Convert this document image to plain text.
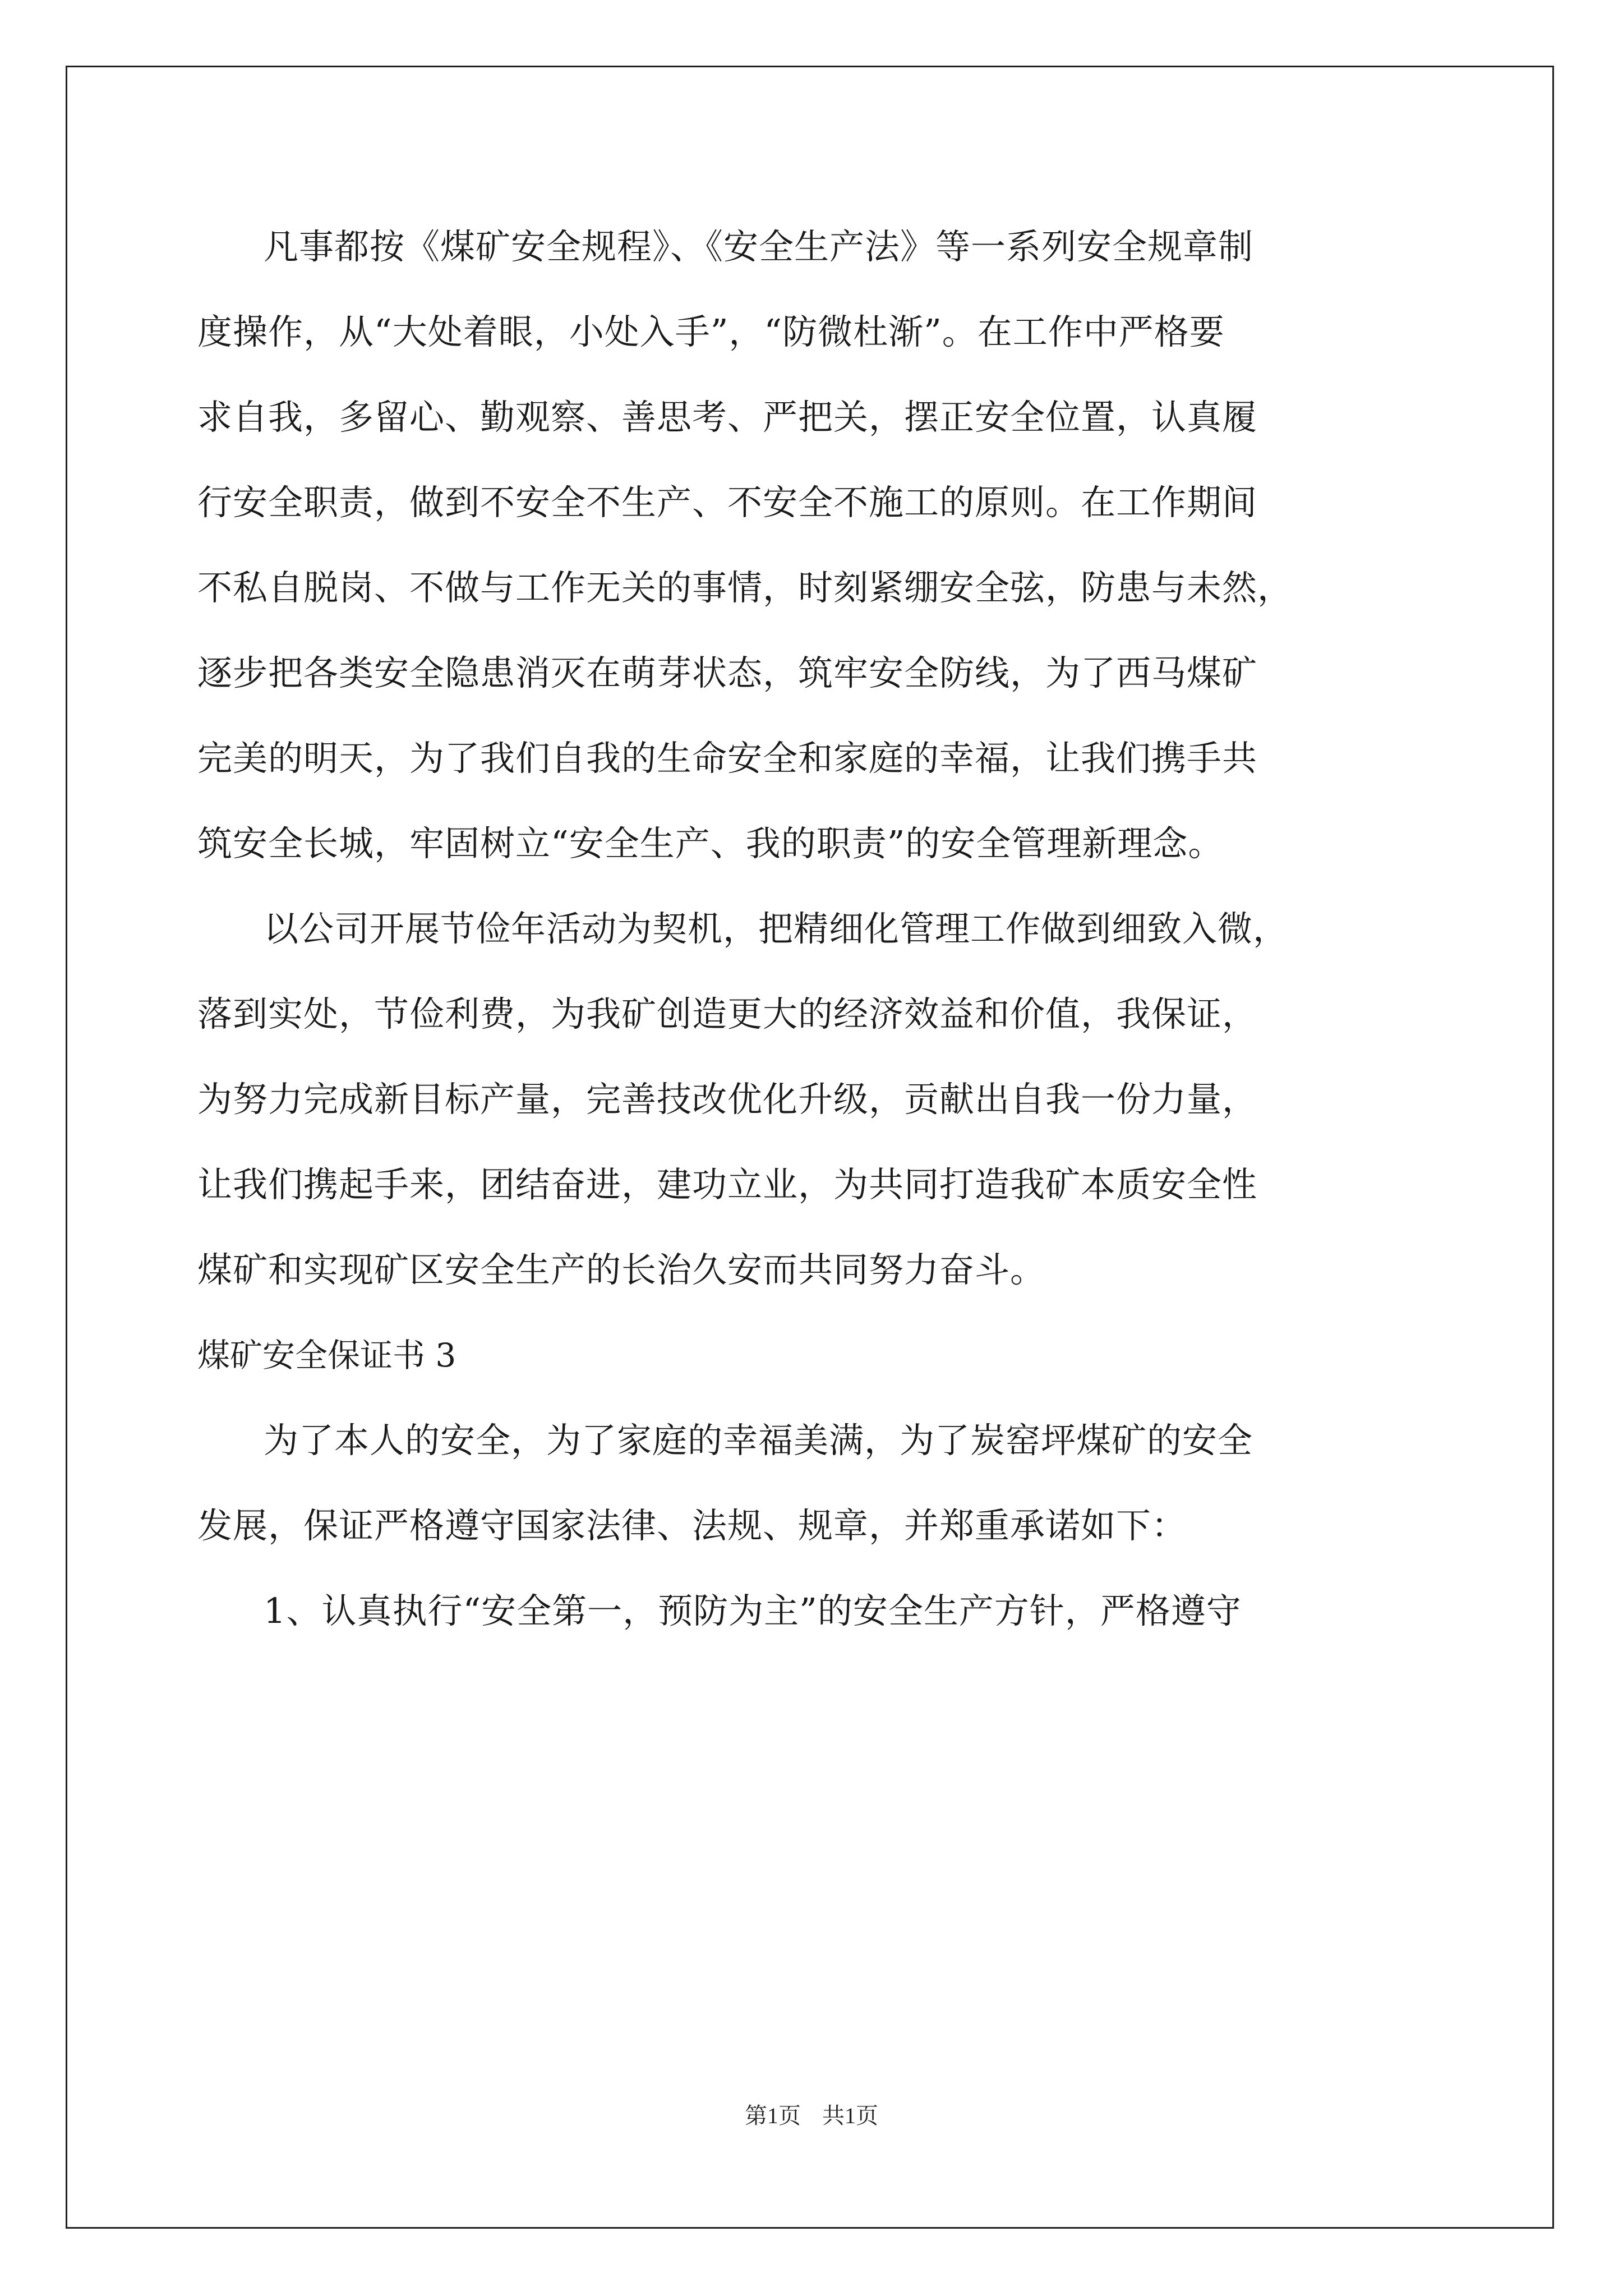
凡事都按《煤矿安全规程》、《安全生产法》等一系列安全规章制
度操作，从“大处着眼，小处入手”，“防微杜渐”。在工作中严格要
求自我，多留心、勤观察、善思考、严把关，摆正安全位置，认真履
行安全职责，做到不安全不生产、不安全不施工的原则。在工作期间
不私自脱岗、不做与工作无关的事情，时刻紧绷安全弦，防患与未然，
逐步把各类安全隐患消灭在萌芽状态，筑牢安全防线，为了西马煤矿
完美的明天，为了我们自我的生命安全和家庭的幸福，让我们携手共
筑安全长城，牢固树立“安全生产、我的职责”的安全管理新理念。
以公司开展节俭年活动为契机，把精细化管理工作做到细致入微，
落到实处，节俭利费，为我矿创造更大的经济效益和价值，我保证，
为努力完成新目标产量，完善技改优化升级，贡献出自我一份力量，
让我们携起手来，团结奋进，建功立业，为共同打造我矿本质安全性
煤矿和实现矿区安全生产的长治久安而共同努力奋斗。
煤矿安全保证书 3
为了本人的安全，为了家庭的幸福美满，为了炭窑坪煤矿的安全
发展，保证严格遵守国家法律、法规、规章，并郑重承诺如下：
1、认真执行“安全第一，预防为主”的安全生产方针，严格遵守
第1页 共1页
